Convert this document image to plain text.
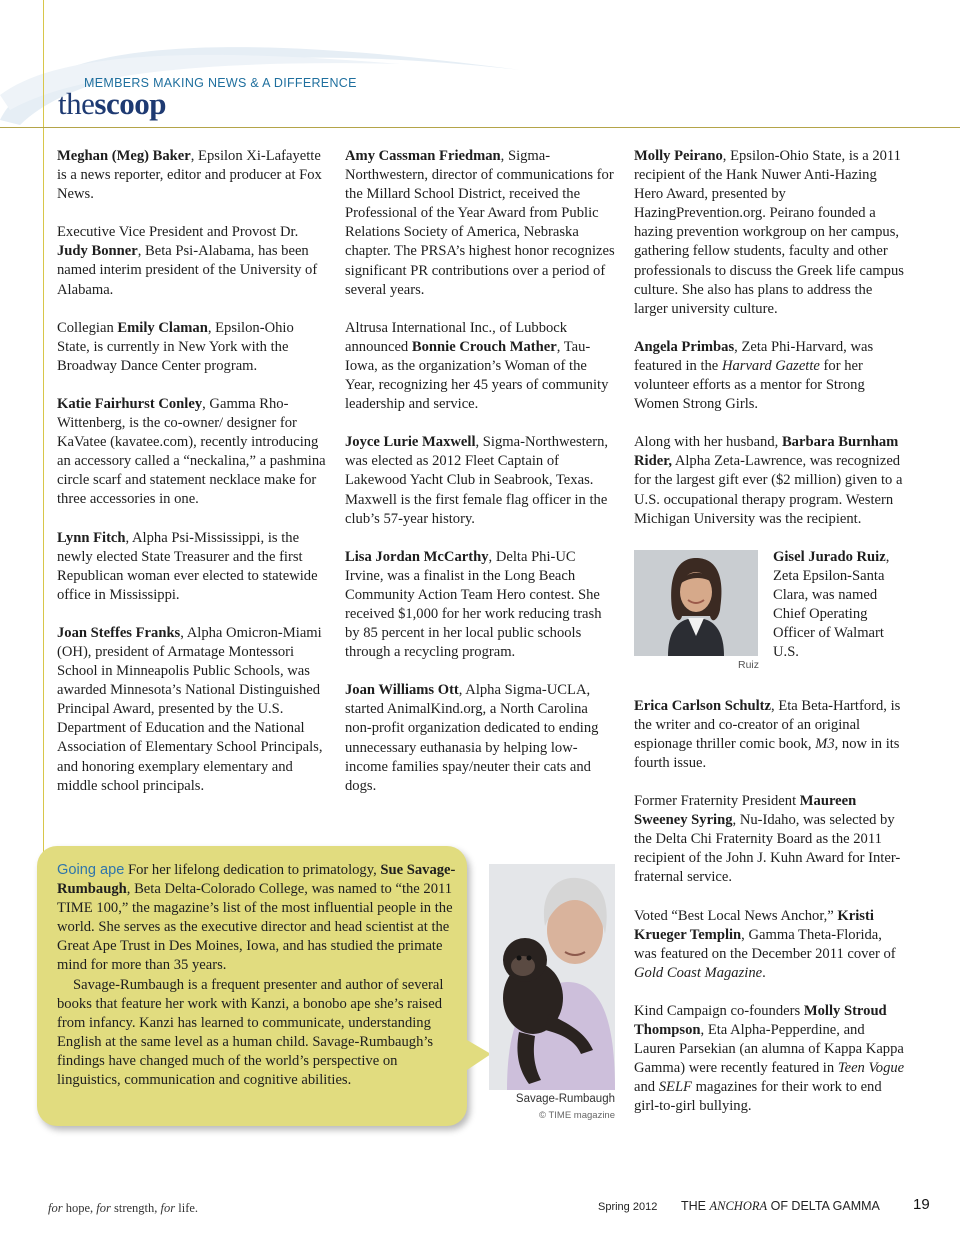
MEMBERS MAKING NEWS & A DIFFERENCE
thescoop

Meghan (Meg) Baker, Epsilon Xi-Lafayette is a news reporter, editor and producer at Fox News.

Executive Vice President and Provost Dr. Judy Bonner, Beta Psi-Alabama, has been named interim president of the University of Alabama.

Collegian Emily Claman, Epsilon-Ohio State, is currently in New York with the Broadway Dance Center program.

Katie Fairhurst Conley, Gamma Rho-Wittenberg, is the co-owner/ designer for KaVatee (kavatee.com), recently introducing an accessory called a “neckalina,” a pashmina circle scarf and statement necklace make for three accessories in one.

Lynn Fitch, Alpha Psi-Mississippi, is the newly elected State Treasurer and the first Republican woman ever elected to statewide office in Mississippi.

Joan Steffes Franks, Alpha Omicron-Miami (OH), president of Armatage Montessori School in Minneapolis Public Schools, was awarded Minnesota’s National Distinguished Principal Award, presented by the U.S. Department of Education and the National Association of Elementary School Principals, and honoring exemplary elementary and middle school principals.

Amy Cassman Friedman, Sigma-Northwestern, director of communications for the Millard School District, received the Professional of the Year Award from Public Relations Society of America, Nebraska chapter. The PRSA’s highest honor recognizes significant PR contributions over a period of several years.

Altrusa International Inc., of Lubbock announced Bonnie Crouch Mather, Tau-Iowa, as the organization’s Woman of the Year, recognizing her 45 years of community leadership and service.

Joyce Lurie Maxwell, Sigma-Northwestern, was elected as 2012 Fleet Captain of Lakewood Yacht Club in Seabrook, Texas. Maxwell is the first female flag officer in the club’s 57-year history.

Lisa Jordan McCarthy, Delta Phi-UC Irvine, was a finalist in the Long Beach Community Action Team Hero contest. She received $1,000 for her work reducing trash by 85 percent in her local public schools through a recycling program.

Joan Williams Ott, Alpha Sigma-UCLA, started AnimalKind.org, a North Carolina non-profit organization dedicated to ending unnecessary euthanasia by helping low-income families spay/neuter their cats and dogs.

Molly Peirano, Epsilon-Ohio State, is a 2011 recipient of the Hank Nuwer Anti-Hazing Hero Award, presented by HazingPrevention.org. Peirano founded a hazing prevention workgroup on her campus, gathering fellow students, faculty and other professionals to discuss the Greek life campus culture. She also has plans to address the larger university culture.

Angela Primbas, Zeta Phi-Harvard, was featured in the Harvard Gazette for her volunteer efforts as a mentor for Strong Women Strong Girls.

Along with her husband, Barbara Burnham Rider, Alpha Zeta-Lawrence, was recognized for the largest gift ever ($2 million) given to a U.S. occupational therapy program. Western Michigan University was the recipient.

Ruiz
Gisel Jurado Ruiz, Zeta Epsilon-Santa Clara, was named Chief Operating Officer of Walmart U.S.

Erica Carlson Schultz, Eta Beta-Hartford, is the writer and co-creator of an original espionage thriller comic book, M3, now in its fourth issue.

Former Fraternity President Maureen Sweeney Syring, Nu-Idaho, was selected by the Delta Chi Fraternity Board as the 2011 recipient of the John J. Kuhn Award for Inter-fraternal service.

Voted “Best Local News Anchor,” Kristi Krueger Templin, Gamma Theta-Florida, was featured on the December 2011 cover of Gold Coast Magazine.

Kind Campaign co-founders Molly Stroud Thompson, Eta Alpha-Pepperdine, and Lauren Parsekian (an alumna of Kappa Kappa Gamma) were recently featured in Teen Vogue and SELF magazines for their work to end girl-to-girl bullying.

Going ape For her lifelong dedication to primatology, Sue Savage-Rumbaugh, Beta Delta-Colorado College, was named to “the 2011 TIME 100,” the magazine’s list of the most influential people in the world. She serves as the executive director and head scientist at the Great Ape Trust in Des Moines, Iowa, and has studied the primate mind for more than 35 years.

Savage-Rumbaugh is a frequent presenter and author of several books that feature her work with Kanzi, a bonobo ape she’s raised from infancy. Kanzi has learned to communicate, understanding English at the same level as a human child. Savage-Rumbaugh’s findings have changed much of the world’s perspective on linguistics, communication and cognitive abilities.

Savage-Rumbaugh
© TIME magazine
for hope, for strength, for life.	Spring 2012 THE ANCHORA OF DELTA GAMMA 19
